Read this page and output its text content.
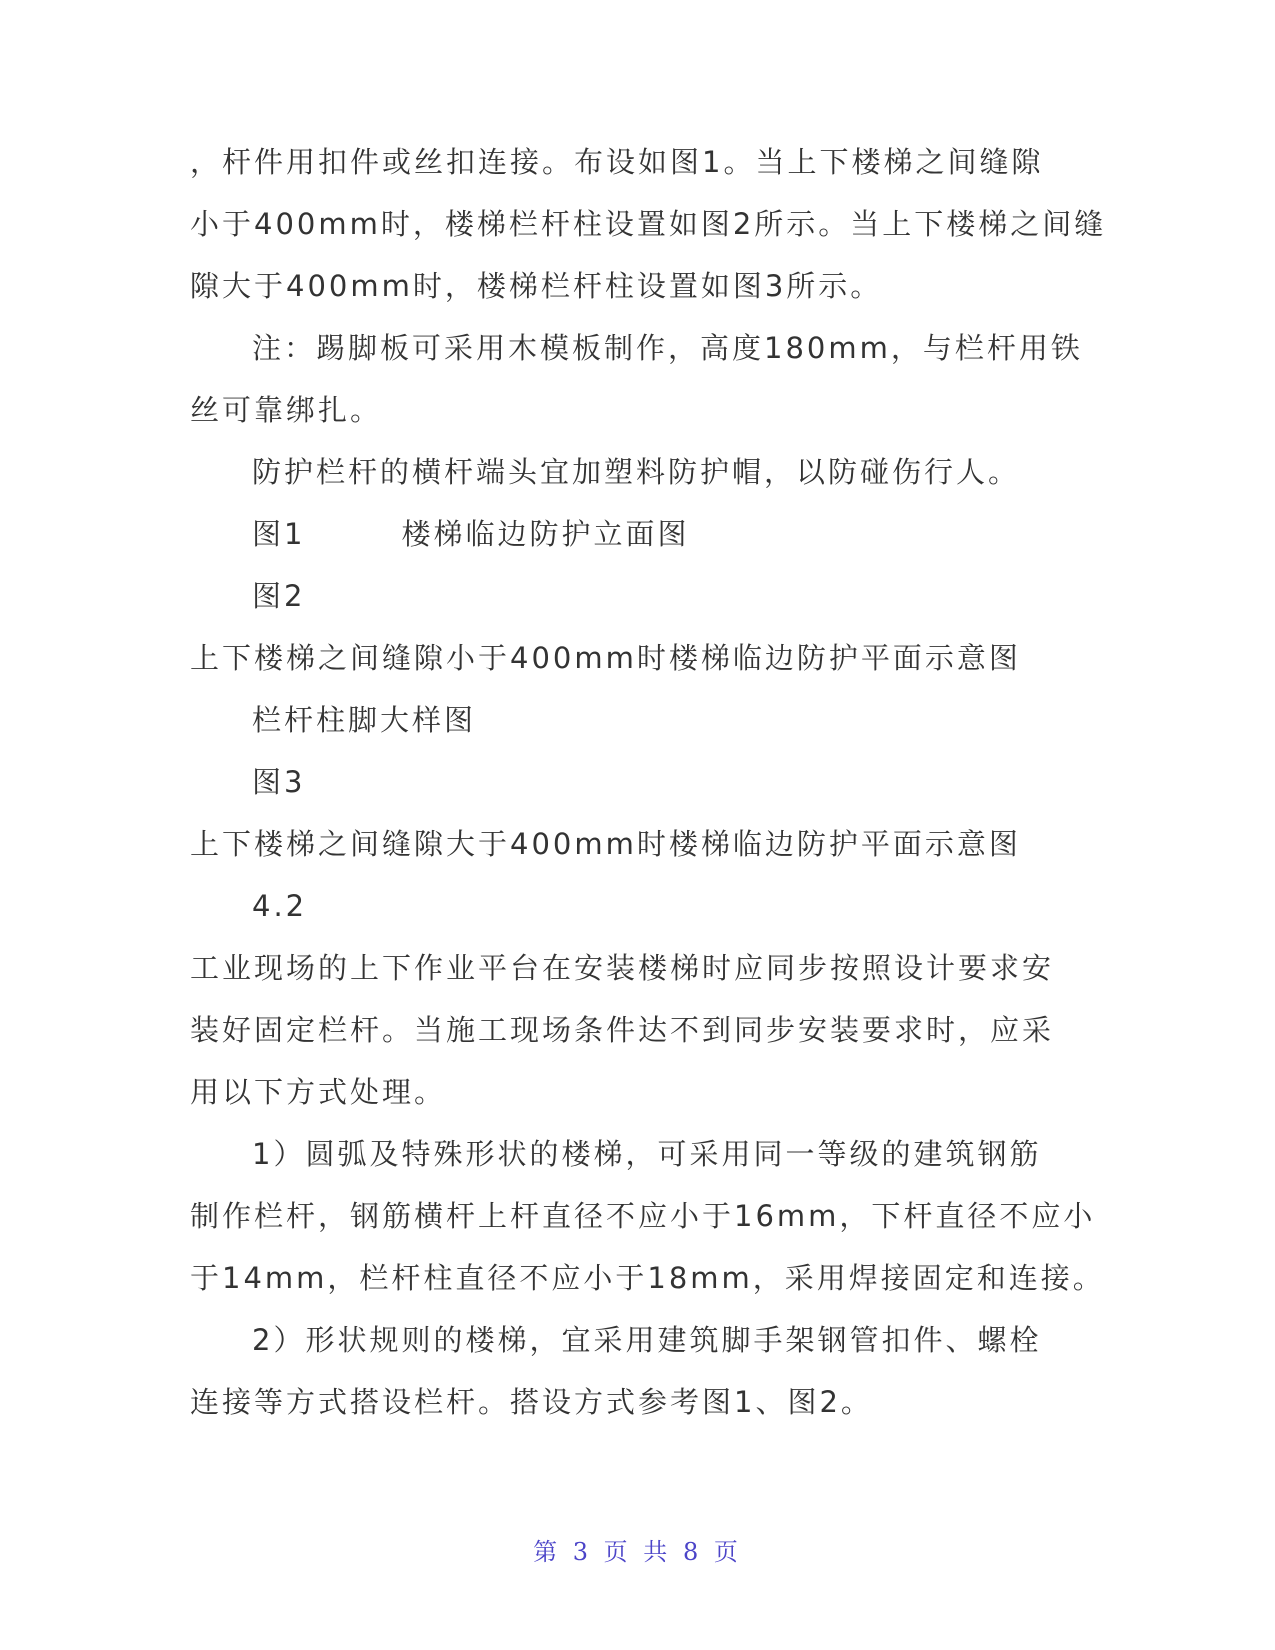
，杆件用扣件或丝扣连接。布设如图1。当上下楼梯之间缝隙
小于400mm时，楼梯栏杆柱设置如图2所示。当上下楼梯之间缝
隙大于400mm时，楼梯栏杆柱设置如图3所示。
注：踢脚板可采用木模板制作，高度180mm，与栏杆用铁
丝可靠绑扎。
防护栏杆的横杆端头宜加塑料防护帽，以防碰伤行人。
图1　　　楼梯临边防护立面图
图2
上下楼梯之间缝隙小于400mm时楼梯临边防护平面示意图
栏杆柱脚大样图
图3
上下楼梯之间缝隙大于400mm时楼梯临边防护平面示意图
4.2
工业现场的上下作业平台在安装楼梯时应同步按照设计要求安
装好固定栏杆。当施工现场条件达不到同步安装要求时，应采
用以下方式处理。
1）圆弧及特殊形状的楼梯，可采用同一等级的建筑钢筋
制作栏杆，钢筋横杆上杆直径不应小于16mm，下杆直径不应小
于14mm，栏杆柱直径不应小于18mm，采用焊接固定和连接。
2）形状规则的楼梯，宜采用建筑脚手架钢管扣件、螺栓
连接等方式搭设栏杆。搭设方式参考图1、图2。
第 3 页 共 8 页
